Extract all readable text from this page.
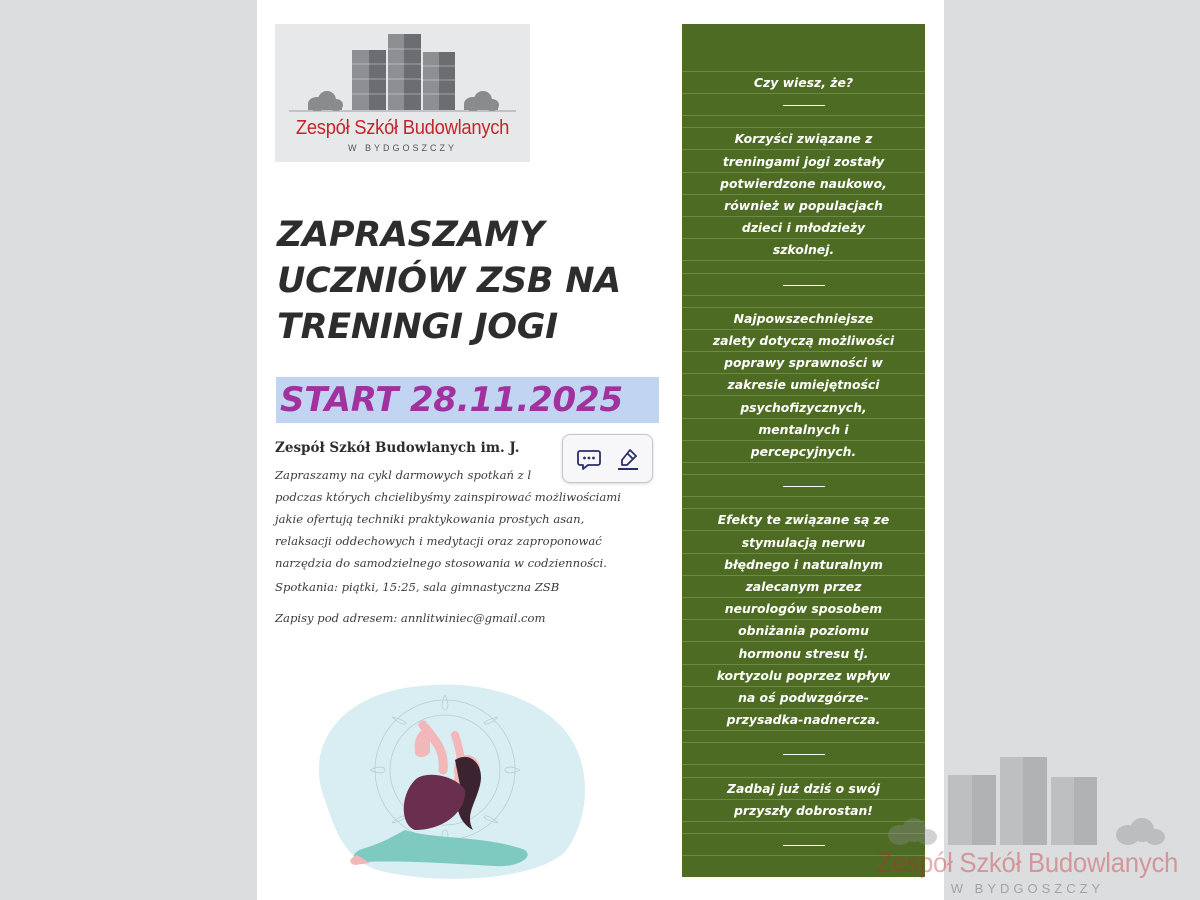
Zespół Szkół Budowlanych
W BYDGOSZCZY
ZAPRASZAMY
UCZNIÓW ZSB NA
TRENINGI JOGI
START 28.11.2025
Zespół Szkół Budowlanych im. J.
Zapraszamy na cykl darmowych spotkań z l
podczas których chcielibyśmy zainspirować możliwościami
jakie ofertują techniki praktykowania prostych asan,
relaksacji oddechowych i medytacji oraz zaproponować
narzędzia do samodzielnego stosowania w codzienności.
Spotkania: piątki, 15:25, sala gimnastyczna ZSB
Zapisy pod adresem: annlitwiniec@gmail.com
Czy wiesz, że?
Korzyści związane z
treningami jogi zostały
potwierdzone naukowo,
również w populacjach
dzieci i młodzieży
szkolnej.
Najpowszechniejsze
zalety dotyczą możliwości
poprawy sprawności w
zakresie umiejętności
psychofizycznych,
mentalnych i
percepcyjnych.
Efekty te związane są ze
stymulacją nerwu
błędnego i naturalnym
zalecanym przez
neurologów sposobem
obniżania poziomu
hormonu stresu tj.
kortyzolu poprzez wpływ
na oś podwzgórze-
przysadka-nadnercza.
Zadbaj już dziś o swój
przyszły dobrostan!
Zespół Szkół Budowlanych
W BYDGOSZCZY
